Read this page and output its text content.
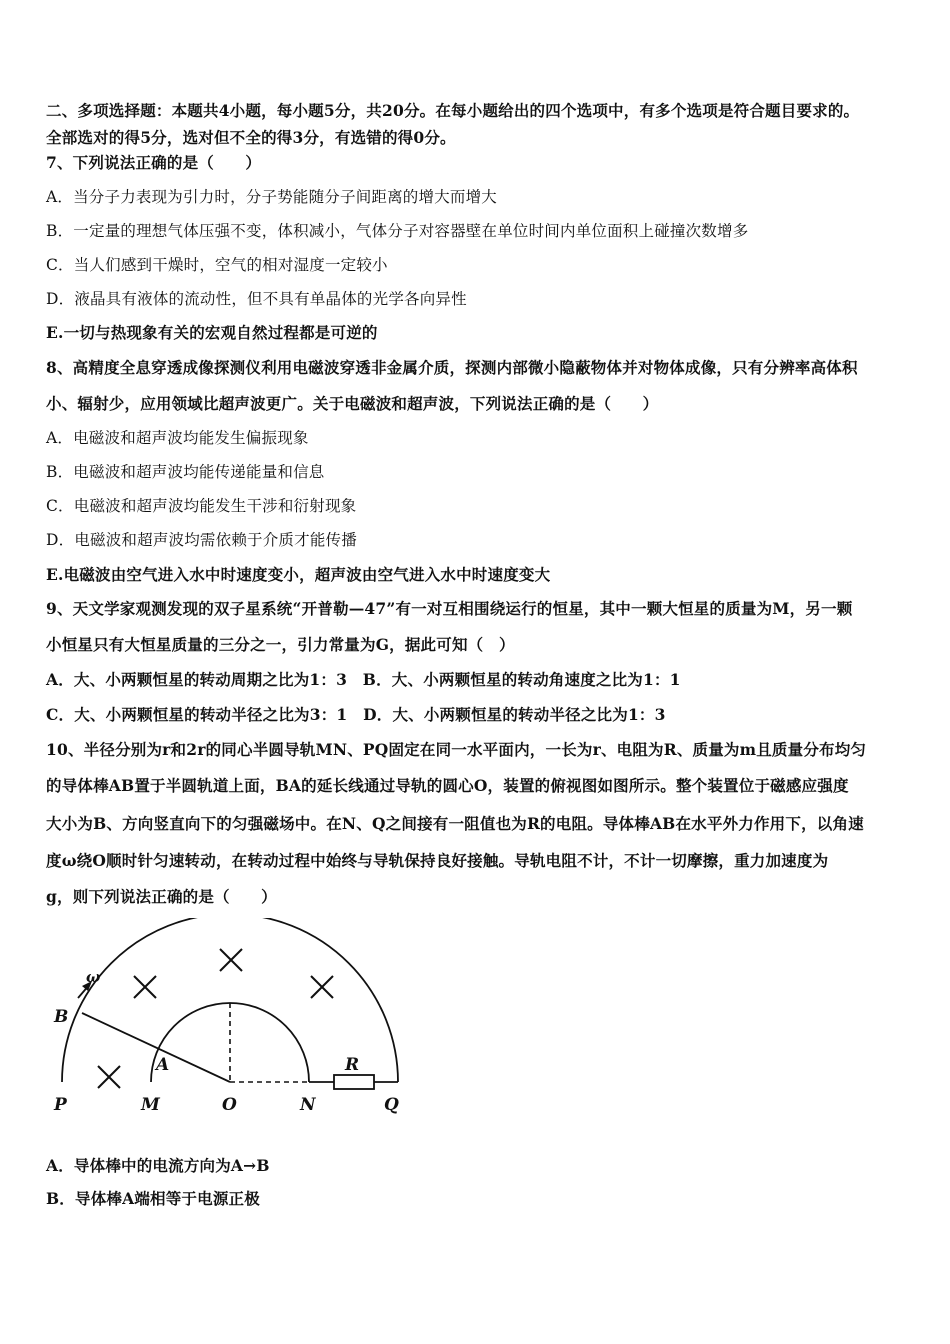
二、多项选择题：本题共4小题，每小题5分，共20分。在每小题给出的四个选项中，有多个选项是符合题目要求的。
全部选对的得5分，选对但不全的得3分，有选错的得0分。
7、下列说法正确的是（　　）
A．当分子力表现为引力时，分子势能随分子间距离的增大而增大
B．一定量的理想气体压强不变，体积减小，气体分子对容器壁在单位时间内单位面积上碰撞次数增多
C．当人们感到干燥时，空气的相对湿度一定较小
D．液晶具有液体的流动性，但不具有单晶体的光学各向异性
E.一切与热现象有关的宏观自然过程都是可逆的
8、高精度全息穿透成像探测仪利用电磁波穿透非金属介质，探测内部微小隐蔽物体并对物体成像，只有分辨率高体积
小、辐射少，应用领域比超声波更广。关于电磁波和超声波，下列说法正确的是（　　）
A．电磁波和超声波均能发生偏振现象
B．电磁波和超声波均能传递能量和信息
C．电磁波和超声波均能发生干涉和衍射现象
D．电磁波和超声波均需依赖于介质才能传播
E.电磁波由空气进入水中时速度变小，超声波由空气进入水中时速度变大
9、天文学家观测发现的双子星系统“开普勒—47”有一对互相围绕运行的恒星，其中一颗大恒星的质量为M，另一颗
小恒星只有大恒星质量的三分之一，引力常量为G，据此可知（　）
A．大、小两颗恒星的转动周期之比为1：3　B．大、小两颗恒星的转动角速度之比为1：1
C．大、小两颗恒星的转动半径之比为3：1　D．大、小两颗恒星的转动半径之比为1：3
10、半径分别为r和2r的同心半圆导轨MN、PQ固定在同一水平面内，一长为r、电阻为R、质量为m且质量分布均匀
的导体棒AB置于半圆轨道上面，BA的延长线通过导轨的圆心O，装置的俯视图如图所示。整个装置位于磁感应强度
大小为B、方向竖直向下的匀强磁场中。在N、Q之间接有一阻值也为R的电阻。导体棒AB在水平外力作用下，以角速
度ω绕O顺时针匀速转动，在转动过程中始终与导轨保持良好接触。导轨电阻不计，不计一切摩擦，重力加速度为
g，则下列说法正确的是（　　）
P	M	O	N	Q
B
A
ω
R
A．导体棒中的电流方向为A→B
B．导体棒A端相等于电源正极
